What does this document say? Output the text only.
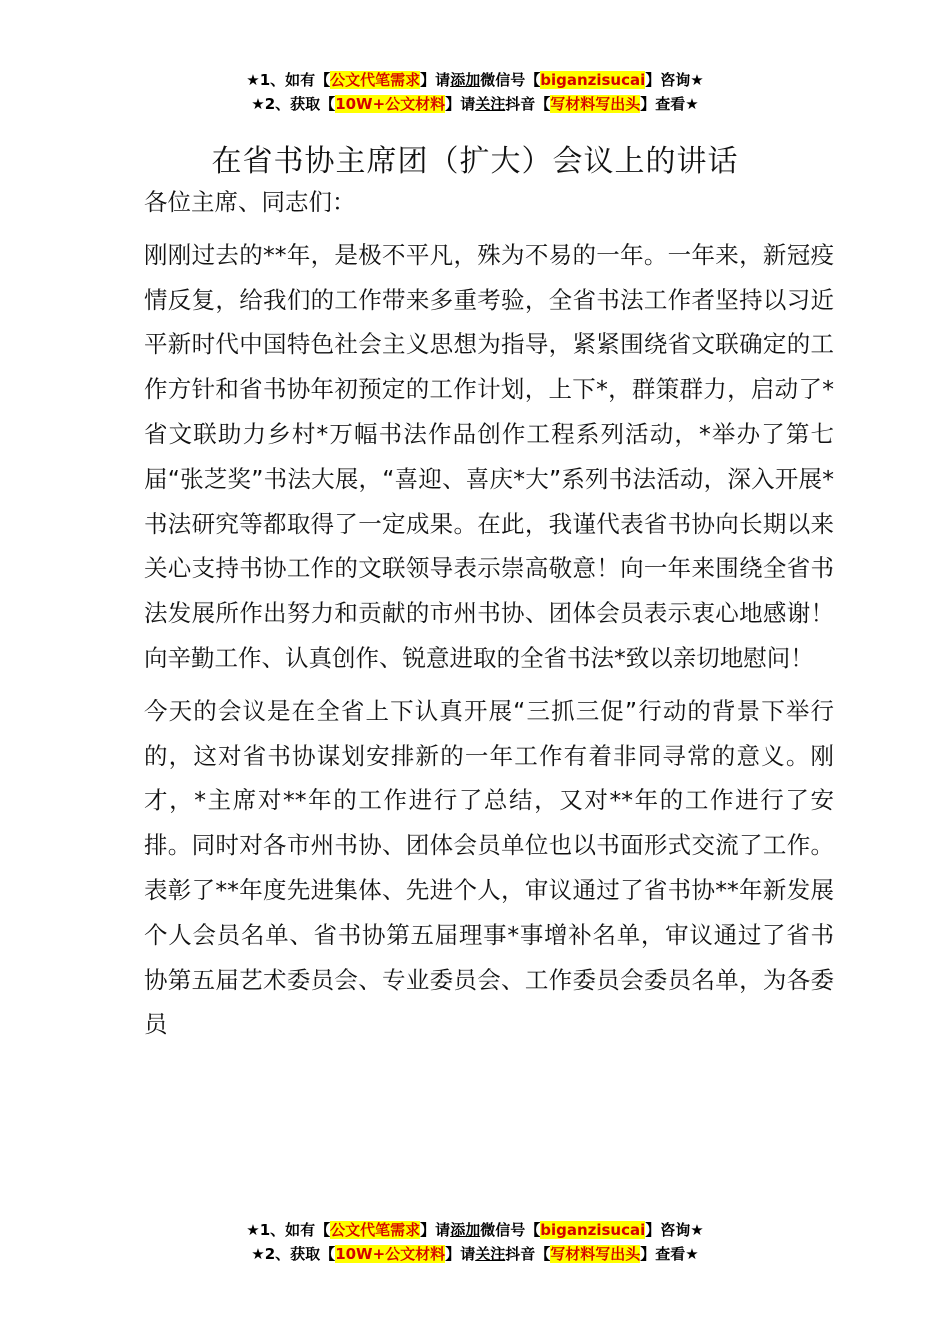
★1、如有【公文代笔需求】请添加微信号【biganzisucai】咨询★
★2、获取【10W+公文材料】请关注抖音【写材料写出头】查看★
在省书协主席团（扩大）会议上的讲话

各位主席、同志们：

刚刚过去的**年，是极不平凡，殊为不易的一年。一年来，新冠疫情反复，给我们的工作带来多重考验，全省书法工作者坚持以习近平新时代中国特色社会主义思想为指导，紧紧围绕省文联确定的工作方针和省书协年初预定的工作计划，上下*，群策群力，启动了*省文联助力乡村*万幅书法作品创作工程系列活动，*举办了第七届“张芝奖”书法大展，“喜迎、喜庆*大”系列书法活动，深入开展*书法研究等都取得了一定成果。在此，我谨代表省书协向长期以来关心支持书协工作的文联领导表示崇高敬意！向一年来围绕全省书法发展所作出努力和贡献的市州书协、团体会员表示衷心地感谢！向辛勤工作、认真创作、锐意进取的全省书法*致以亲切地慰问！

今天的会议是在全省上下认真开展“三抓三促”行动的背景下举行的，这对省书协谋划安排新的一年工作有着非同寻常的意义。刚才，*主席对**年的工作进行了总结，又对**年的工作进行了安排。同时对各市州书协、团体会员单位也以书面形式交流了工作。表彰了**年度先进集体、先进个人，审议通过了省书协**年新发展个人会员名单、省书协第五届理事*事增补名单，审议通过了省书协第五届艺术委员会、专业委员会、工作委员会委员名单，为各委员

★1、如有【公文代笔需求】请添加微信号【biganzisucai】咨询★
★2、获取【10W+公文材料】请关注抖音【写材料写出头】查看★
